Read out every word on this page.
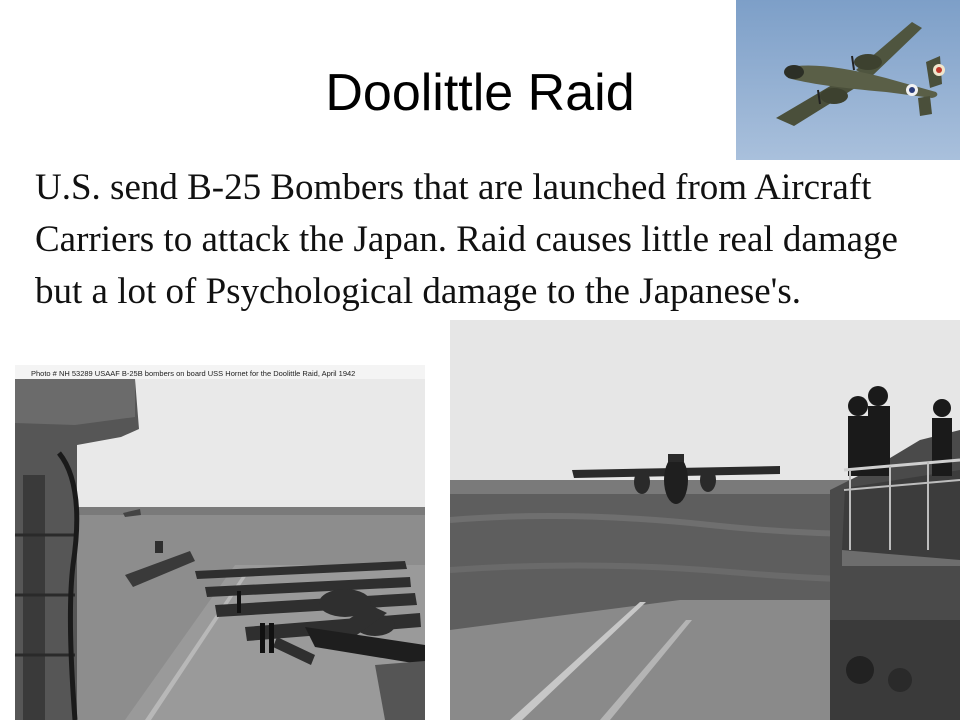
Doolittle Raid
U.S. send B-25 Bombers that are launched from Aircraft Carriers to attack the Japan. Raid causes little real damage but a lot of Psychological damage to the Japanese's.
Photo # NH 53289 USAAF B-25B bombers on board USS Hornet for the Doolittle Raid, April 1942
